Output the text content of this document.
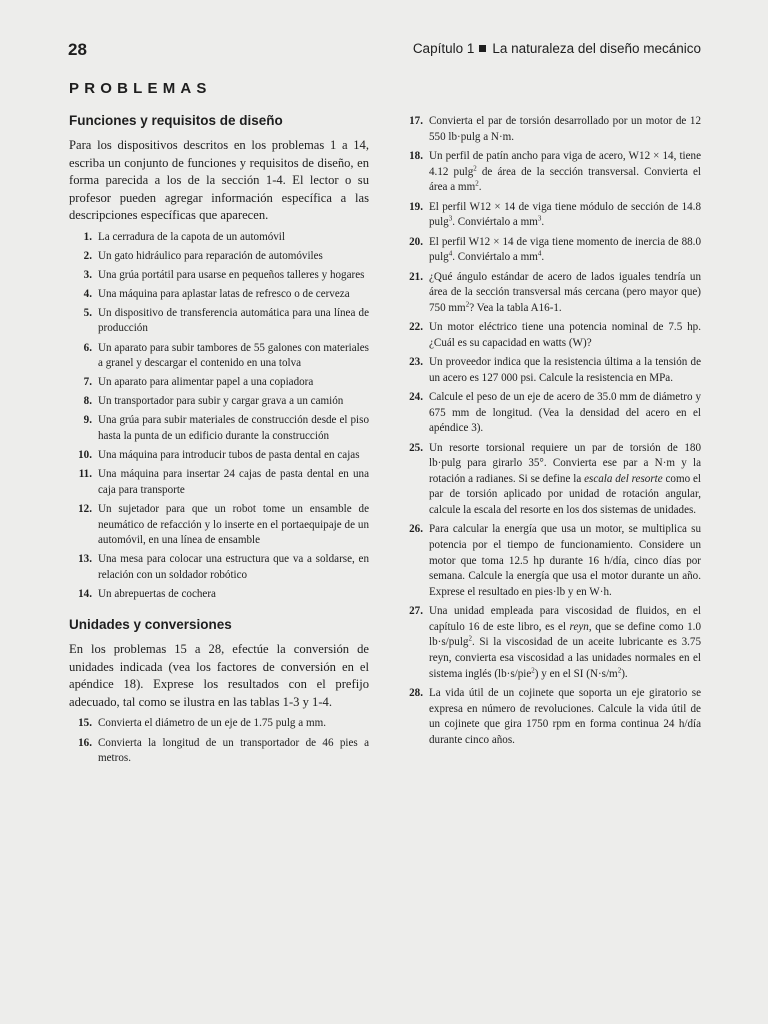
28	Capítulo 1 La naturaleza del diseño mecánico
PROBLEMAS
Funciones y requisitos de diseño

Para los dispositivos descritos en los problemas 1 a 14, escriba un conjunto de funciones y requisitos de diseño, en forma parecida a los de la sección 1-4. El lector o su profesor pueden agregar información específica a las descripciones específicas que aparecen.

1. La cerradura de la capota de un automóvil
2. Un gato hidráulico para reparación de automóviles
3. Una grúa portátil para usarse en pequeños talleres y hogares
4. Una máquina para aplastar latas de refresco o de cerveza
5. Un dispositivo de transferencia automática para una línea de producción
6. Un aparato para subir tambores de 55 galones con materiales a granel y descargar el contenido en una tolva
7. Un aparato para alimentar papel a una copiadora
8. Un transportador para subir y cargar grava a un camión
9. Una grúa para subir materiales de construcción desde el piso hasta la punta de un edificio durante la construcción
10. Una máquina para introducir tubos de pasta dental en cajas
11. Una máquina para insertar 24 cajas de pasta dental en una caja para transporte
12. Un sujetador para que un robot tome un ensamble de neumático de refacción y lo inserte en el portaequipaje de un automóvil, en una línea de ensamble
13. Una mesa para colocar una estructura que va a soldarse, en relación con un soldador robótico
14. Un abrepuertas de cochera
Unidades y conversiones

En los problemas 15 a 28, efectúe la conversión de unidades indicada (vea los factores de conversión en el apéndice 18). Exprese los resultados con el prefijo adecuado, tal como se ilustra en las tablas 1-3 y 1-4.

15. Convierta el diámetro de un eje de 1.75 pulg a mm.
16. Convierta la longitud de un transportador de 46 pies a metros.
17. Convierta el par de torsión desarrollado por un motor de 12 550 lb·pulg a N·m.
18. Un perfil de patín ancho para viga de acero, W12 × 14, tiene 4.12 pulg$^2$ de área de la sección transversal. Convierta el área a $mm^2$.
19. El perfil W12 × 14 de viga tiene módulo de sección de 14.8 pulg$^3$. Conviértalo a $mm^3$.
20. El perfil W12 × 14 de viga tiene momento de inercia de 88.0 pulg$^4$. Conviértalo a $mm^4$.
21. ¿Qué ángulo estándar de acero de lados iguales tendría un área de la sección transversal más cercana (pero mayor que) 750 $mm^2$? Vea la tabla A16-1.
22. Un motor eléctrico tiene una potencia nominal de 7.5 hp. ¿Cuál es su capacidad en watts (W)?
23. Un proveedor indica que la resistencia última a la tensión de un acero es 127 000 psi. Calcule la resistencia en MPa.
24. Calcule el peso de un eje de acero de 35.0 mm de diámetro y 675 mm de longitud. (Vea la densidad del acero en el apéndice 3).
25. Un resorte torsional requiere un par de torsión de 180 lb·pulg para girarlo 35°. Convierta ese par a N·m y la rotación a radianes. Si se define la escala del resorte como el par de torsión aplicado por unidad de rotación angular, calcule la escala del resorte en los dos sistemas de unidades.
26. Para calcular la energía que usa un motor, se multiplica su potencia por el tiempo de funcionamiento. Considere un motor que toma 12.5 hp durante 16 h/día, cinco días por semana. Calcule la energía que usa el motor durante un año. Exprese el resultado en pies·lb y en W·h.
27. Una unidad empleada para viscosidad de fluidos, en el capítulo 16 de este libro, es el reyn, que se define como 1.0 lb·s/pulg$^2$. Si la viscosidad de un aceite lubricante es 3.75 reyn, convierta esa viscosidad a las unidades normales en el sistema inglés (lb·s/pie$^2$) y en el SI $(N\cdot s/m^2)$.
28. La vida útil de un cojinete que soporta un eje giratorio se expresa en número de revoluciones. Calcule la vida útil de un cojinete que gira 1750 rpm en forma continua 24 h/día durante cinco años.
